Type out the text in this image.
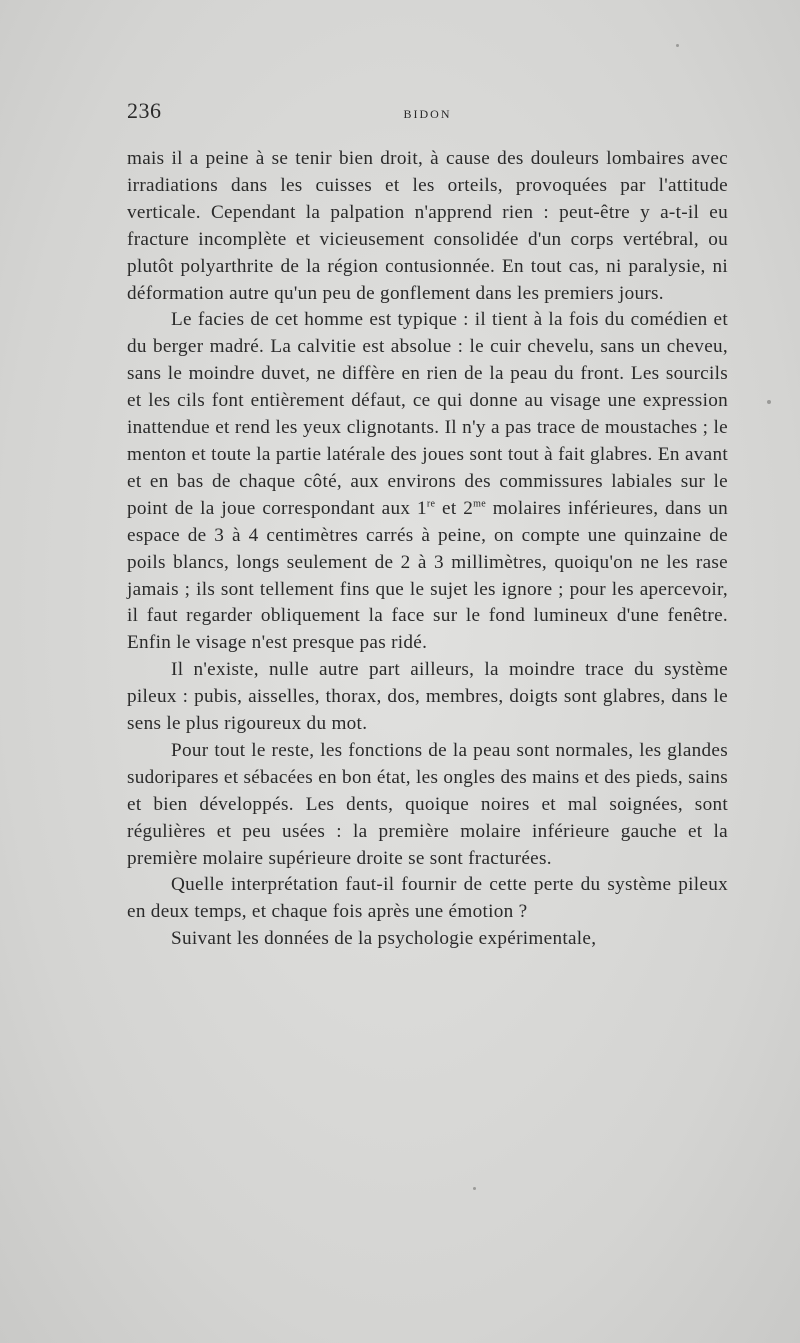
236	BIDON

mais il a peine à se tenir bien droit, à cause des douleurs lombaires avec irradiations dans les cuisses et les orteils, provoquées par l'attitude verticale. Cependant la palpation n'apprend rien : peut-être y a-t-il eu fracture incomplète et vicieusement consolidée d'un corps vertébral, ou plutôt polyarthrite de la région contusionnée. En tout cas, ni paralysie, ni déformation autre qu'un peu de gonflement dans les premiers jours.

Le facies de cet homme est typique : il tient à la fois du comédien et du berger madré. La calvitie est absolue : le cuir chevelu, sans un cheveu, sans le moindre duvet, ne diffère en rien de la peau du front. Les sourcils et les cils font entièrement défaut, ce qui donne au visage une expression inattendue et rend les yeux clignotants. Il n'y a pas trace de moustaches ; le menton et toute la partie latérale des joues sont tout à fait glabres. En avant et en bas de chaque côté, aux environs des commissures labiales sur le point de la joue correspondant aux 1re et $2^{me}$ molaires inférieures, dans un espace de 3 à 4 centimètres carrés à peine, on compte une quinzaine de poils blancs, longs seulement de 2 à 3 millimètres, quoiqu'on ne les rase jamais ; ils sont tellement fins que le sujet les ignore ; pour les apercevoir, il faut regarder obliquement la face sur le fond lumineux d'une fenêtre. Enfin le visage n'est presque pas ridé.

Il n'existe, nulle autre part ailleurs, la moindre trace du système pileux : pubis, aisselles, thorax, dos, membres, doigts sont glabres, dans le sens le plus rigoureux du mot.

Pour tout le reste, les fonctions de la peau sont normales, les glandes sudoripares et sébacées en bon état, les ongles des mains et des pieds, sains et bien développés. Les dents, quoique noires et mal soignées, sont régulières et peu usées : la première molaire inférieure gauche et la première molaire supérieure droite se sont fracturées.

Quelle interprétation faut-il fournir de cette perte du système pileux en deux temps, et chaque fois après une émotion ?

Suivant les données de la psychologie expérimentale,
